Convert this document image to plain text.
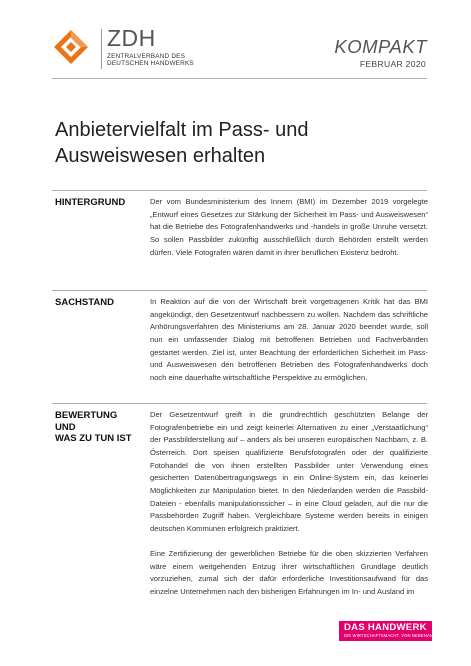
ZDH
ZENTRALVERBAND DES
DEUTSCHEN HANDWERKS
KOMPAKT
FEBRUAR 2020
Anbietervielfalt im Pass- und Ausweiswesen erhalten
HINTERGRUND	Der vom Bundesministerium des Innern (BMI) im Dezember 2019 vorgelegte „Entwurf eines Gesetzes zur Stärkung der Sicherheit im Pass- und Ausweiswesen“ hat die Betriebe des Fotografenhandwerks und -handels in große Unruhe versetzt. So sollen Passbilder zukünftig ausschließlich durch Behörden erstellt werden dürfen. Viele Fotografen wären damit in ihrer beruflichen Existenz bedroht.
SACHSTAND	In Reaktion auf die von der Wirtschaft breit vorgetragenen Kritik hat das BMI angekündigt, den Gesetzentwurf nachbessern zu wollen. Nachdem das schriftliche Anhörungsverfahren des Ministeriums am 28. Januar 2020 beendet wurde, soll nun ein umfassender Dialog mit betroffenen Betrieben und Fachverbänden gestartet werden. Ziel ist, unter Beachtung der erforderlichen Sicherheit im Pass- und Ausweiswesen den betroffenen Betrieben des Fotografenhandwerks doch noch eine dauerhafte wirtschaftliche Perspektive zu ermöglichen.
BEWERTUNG
UND
WAS ZU TUN IST
Der Gesetzentwurf greift in die grundrechtlich geschützten Belange der Fotografenbetriebe ein und zeigt keinerlei Alternativen zu einer „Verstaatlichung“ der Passbilderstellung auf – anders als bei unseren europäischen Nachbarn, z. B. Österreich. Dort speisen qualifizierte Berufsfotografen oder der qualifizierte Fotohandel die von ihnen erstellten Passbilder unter Verwendung eines gesicherten Datenübertragungswegs in ein Online-System ein, das keinerlei Möglichkeiten zur Manipulation bietet. In den Niederlanden werden die Passbild-Dateien - ebenfalls manipulationssicher – in eine Cloud geladen, auf die nur die Passbehörden Zugriff haben. Vergleichbare Systeme werden bereits in einigen deutschen Kommunen erfolgreich praktiziert.
Eine Zertifizierung der gewerblichen Betriebe für die oben skizzierten Verfahren wäre einem weitgehenden Entzug ihrer wirtschaftlichen Grundlage deutlich vorzuziehen, zumal sich der dafür erforderliche Investitionsaufwand für das einzelne Unternehmen nach den bisherigen Erfahrungen im In- und Ausland im
DAS HANDWERK
DIE WIRTSCHAFTSMACHT. VON NEBENAN.
